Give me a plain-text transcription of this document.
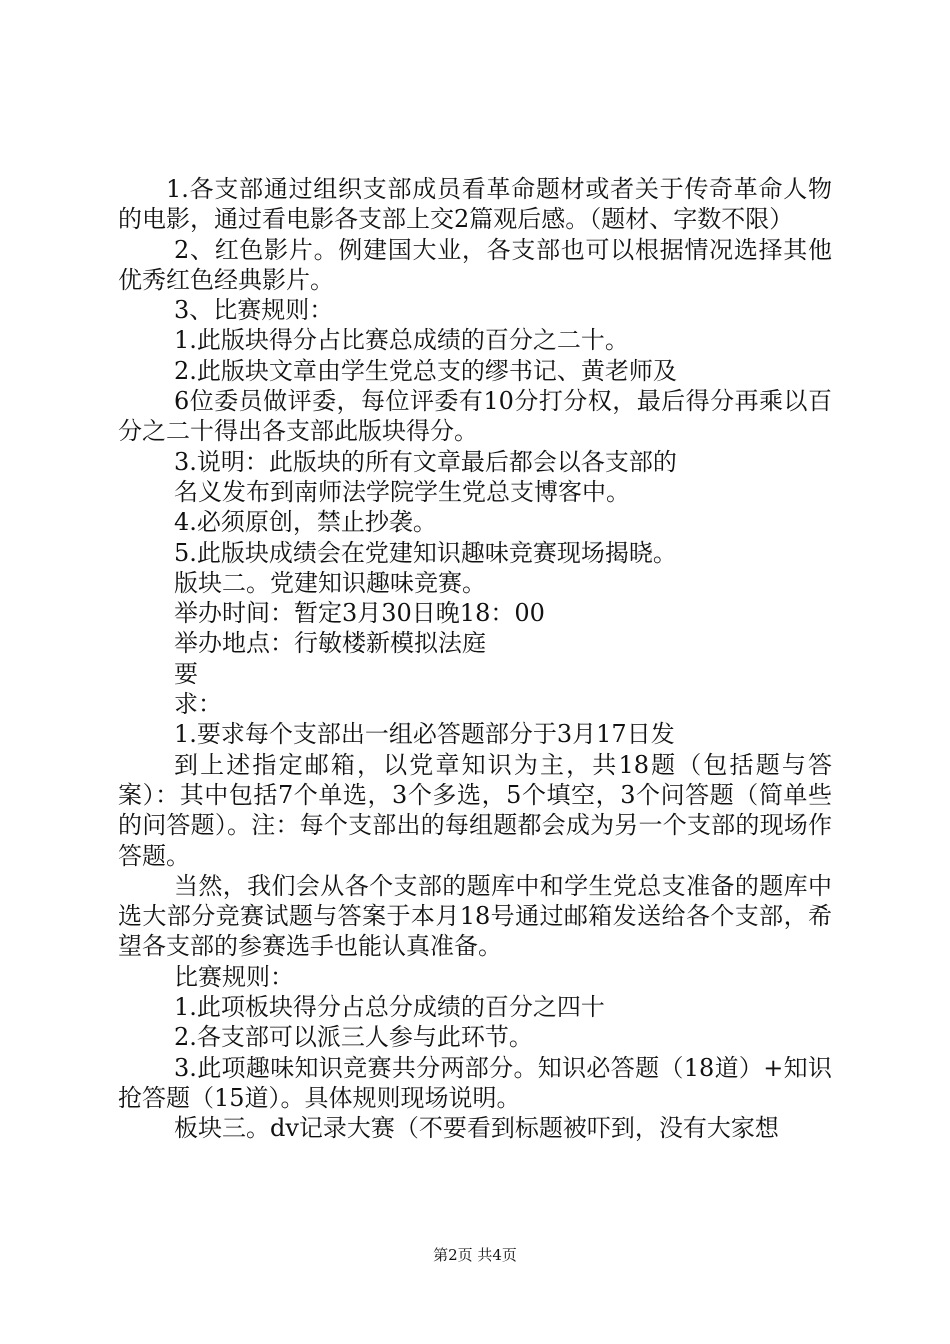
1.各支部通过组织支部成员看革命题材或者关于传奇革命人物的电影，通过看电影各支部上交2篇观后感。（题材、字数不限）

2、红色影片。例建国大业，各支部也可以根据情况选择其他优秀红色经典影片。

3、比赛规则：

1.此版块得分占比赛总成绩的百分之二十。

2.此版块文章由学生党总支的缪书记、黄老师及

6位委员做评委，每位评委有10分打分权，最后得分再乘以百分之二十得出各支部此版块得分。

3.说明：此版块的所有文章最后都会以各支部的

名义发布到南师法学院学生党总支博客中。

4.必须原创，禁止抄袭。

5.此版块成绩会在党建知识趣味竞赛现场揭晓。

版块二。党建知识趣味竞赛。

举办时间：暂定3月30日晚18：00

举办地点：行敏楼新模拟法庭

要

求：

1.要求每个支部出一组必答题部分于3月17日发

到上述指定邮箱，以党章知识为主，共18题（包括题与答案）：其中包括7个单选，3个多选，5个填空，3个问答题（简单些的问答题）。注：每个支部出的每组题都会成为另一个支部的现场作答题。

当然，我们会从各个支部的题库中和学生党总支准备的题库中选大部分竞赛试题与答案于本月18号通过邮箱发送给各个支部，希望各支部的参赛选手也能认真准备。

比赛规则：

1.此项板块得分占总分成绩的百分之四十

2.各支部可以派三人参与此环节。

3.此项趣味知识竞赛共分两部分。知识必答题（18道）+知识抢答题（15道）。具体规则现场说明。

板块三。dv记录大赛（不要看到标题被吓到，没有大家想

第2页 共4页
